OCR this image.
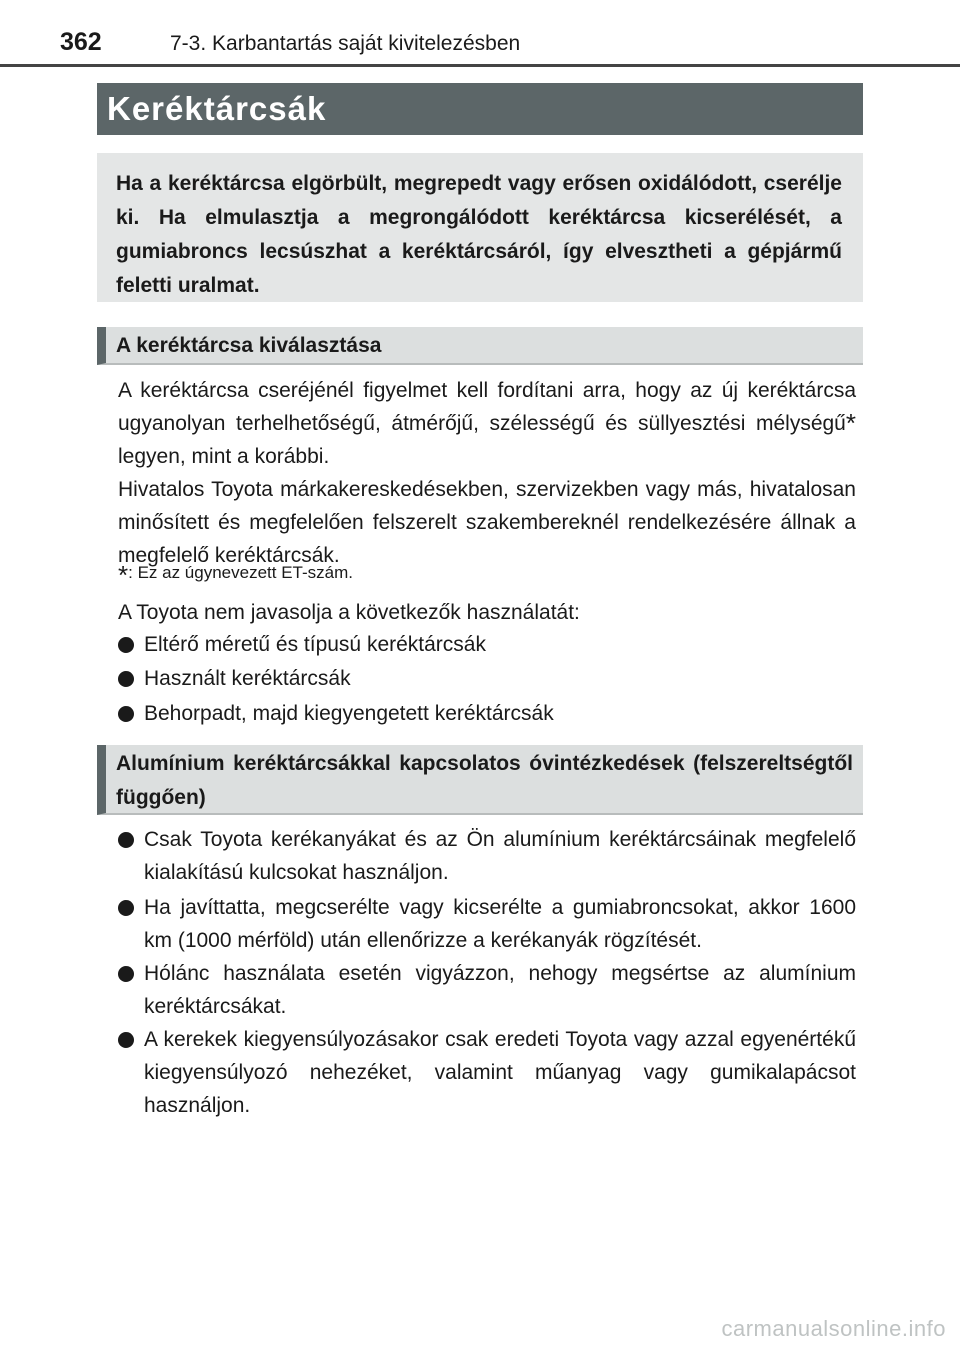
362	7-3. Karbantartás saját kivitelezésben
Keréktárcsák
Ha a keréktárcsa elgörbült, megrepedt vagy erősen oxidálódott, cserélje ki. Ha elmulasztja a megrongálódott keréktárcsa kicserélését, a gumiabroncs lecsúszhat a keréktárcsáról, így elvesztheti a gépjármű feletti uralmat.
A keréktárcsa kiválasztása
A keréktárcsa cseréjénél figyelmet kell fordítani arra, hogy az új keréktárcsa ugyanolyan terhelhetőségű, átmérőjű, szélességű és süllyesztési mélységű* legyen, mint a korábbi.
Hivatalos Toyota márkakereskedésekben, szervizekben vagy más, hivatalosan minősített és megfelelően felszerelt szakembereknél rendelkezésére állnak a megfelelő keréktárcsák.
*: Ez az úgynevezett ET-szám.
A Toyota nem javasolja a következők használatát:
Eltérő méretű és típusú keréktárcsák
Használt keréktárcsák
Behorpadt, majd kiegyengetett keréktárcsák
Alumínium keréktárcsákkal kapcsolatos óvintézkedések (felszereltségtől függően)
Csak Toyota kerékanyákat és az Ön alumínium keréktárcsáinak megfelelő kialakítású kulcsokat használjon.
Ha javíttatta, megcserélte vagy kicserélte a gumiabroncsokat, akkor 1600 km (1000 mérföld) után ellenőrizze a kerékanyák rögzítését.
Hólánc használata esetén vigyázzon, nehogy megsértse az alumínium keréktárcsákat.
A kerekek kiegyensúlyozásakor csak eredeti Toyota vagy azzal egyenértékű kiegyensúlyozó nehezéket, valamint műanyag vagy gumikalapácsot használjon.
carmanualsonline.info
